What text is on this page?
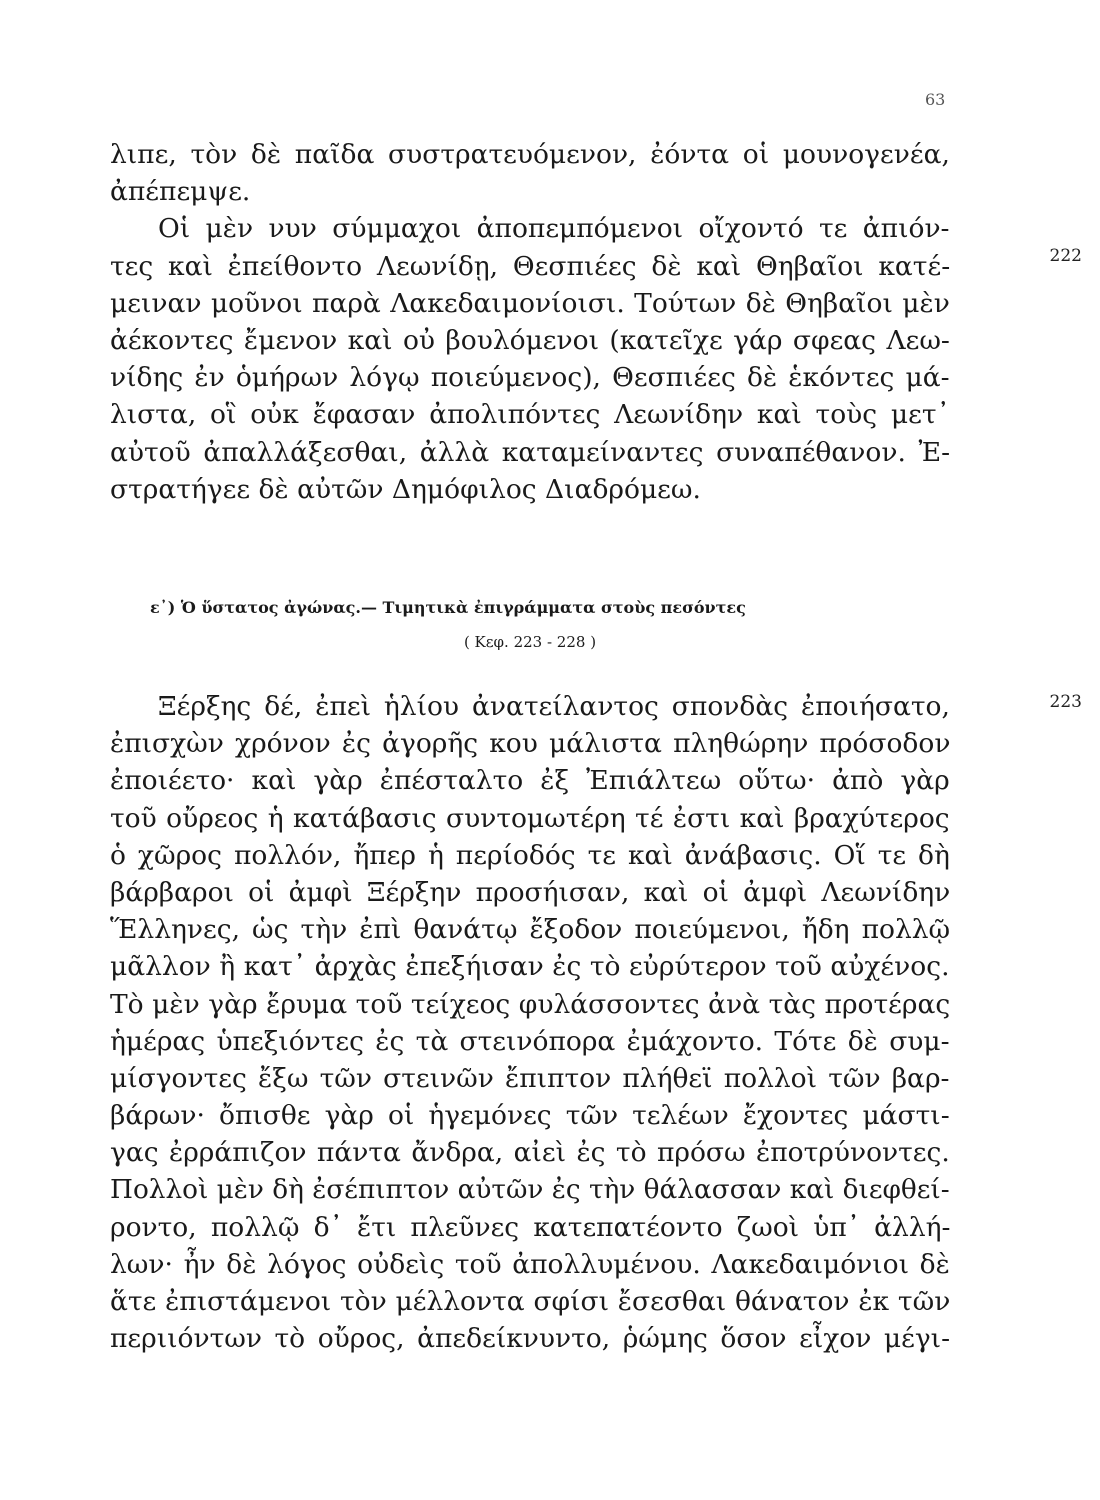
63
222
λιπε, τὸν δὲ παῖδα συστρατευόμενον, ἐόντα οἱ μουνογενέα,
ἀπέπεμψε.
Οἱ μὲν νυν σύμμαχοι ἀποπεμπόμενοι οἴχοντό τε ἀπιόν-
τες καὶ ἐπείθοντο Λεωνίδῃ, Θεσπιέες δὲ καὶ Θηβαῖοι κατέ-
μειναν μοῦνοι παρὰ Λακεδαιμονίοισι. Τούτων δὲ Θηβαῖοι μὲν
ἀέκοντες ἔμενον καὶ οὐ βουλόμενοι (κατεῖχε γάρ σφεας Λεω-
νίδης ἐν ὁμήρων λόγῳ ποιεύμενος), Θεσπιέες δὲ ἑκόντες μά-
λιστα, οἳ οὐκ ἔφασαν ἀπολιπόντες Λεωνίδην καὶ τοὺς μετ᾽
αὐτοῦ ἀπαλλάξεσθαι, ἀλλὰ καταμείναντες συναπέθανον. Ἐ-
στρατήγεε δὲ αὐτῶν Δημόφιλος Διαδρόμεω.
ε᾽) Ὁ ὕστατος ἀγώνας.— Τιμητικὰ ἐπιγράμματα στοὺς πεσόντες
( Κεφ. 223 - 228 )
223
Ξέρξης δέ, ἐπεὶ ἡλίου ἀνατείλαντος σπονδὰς ἐποιήσατο,
ἐπισχὼν χρόνον ἐς ἀγορῆς κου μάλιστα πληθώρην πρόσοδον
ἐποιέετο· καὶ γὰρ ἐπέσταλτο ἐξ Ἐπιάλτεω οὕτω· ἀπὸ γὰρ
τοῦ οὔρεος ἡ κατάβασις συντομωτέρη τέ ἐστι καὶ βραχύτερος
ὁ χῶρος πολλόν, ἤπερ ἡ περίοδός τε καὶ ἀνάβασις. Οἵ τε δὴ
βάρβαροι οἱ ἀμφὶ Ξέρξην προσήισαν, καὶ οἱ ἀμφὶ Λεωνίδην
Ἕλληνες, ὡς τὴν ἐπὶ θανάτῳ ἔξοδον ποιεύμενοι, ἤδη πολλῷ
μᾶλλον ἢ κατ᾽ ἀρχὰς ἐπεξήισαν ἐς τὸ εὐρύτερον τοῦ αὐχένος.
Τὸ μὲν γὰρ ἔρυμα τοῦ τείχεος φυλάσσοντες ἀνὰ τὰς προτέρας
ἡμέρας ὑπεξιόντες ἐς τὰ στεινόπορα ἐμάχοντο. Τότε δὲ συμ-
μίσγοντες ἔξω τῶν στεινῶν ἔπιπτον πλήθεϊ πολλοὶ τῶν βαρ-
βάρων· ὄπισθε γὰρ οἱ ἡγεμόνες τῶν τελέων ἔχοντες μάστι-
γας ἐρράπιζον πάντα ἄνδρα, αἰεὶ ἐς τὸ πρόσω ἐποτρύνοντες.
Πολλοὶ μὲν δὴ ἐσέπιπτον αὐτῶν ἐς τὴν θάλασσαν καὶ διεφθεί-
ροντο, πολλῷ δ᾽ ἔτι πλεῦνες κατεπατέοντο ζωοὶ ὑπ᾽ ἀλλή-
λων· ἦν δὲ λόγος οὐδεὶς τοῦ ἀπολλυμένου. Λακεδαιμόνιοι δὲ
ἅτε ἐπιστάμενοι τὸν μέλλοντα σφίσι ἔσεσθαι θάνατον ἐκ τῶν
περιιόντων τὸ οὔρος, ἀπεδείκνυντο, ῥώμης ὅσον εἶχον μέγι-
